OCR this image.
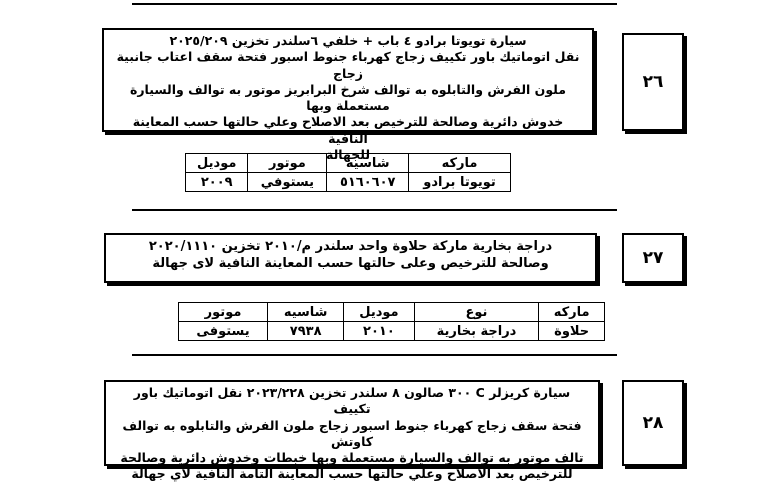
سيارة تويوتا برادو ٤ باب + خلفي ٦سلندر تخزين ٢٠٢٥/٢٠٩
نقل اتوماتيك باور تكييف زجاج كهرباء جنوط اسبور فتحة سقف اعتاب جانبية زجاج
ملون الفرش والتابلوه به توالف شرخ البرابريز موتور به توالف والسيارة مستعملة وبها
خدوش دائرية وصالحة للترخيص بعد الاصلاح وعلي حالتها حسب المعاينة النافية
للجهالة
٢٦
ماركه	شاسيه	موتور	موديل
تويوتا برادو	٥١٦٠٦٠٧	يستوفي	٢٠٠٩
دراجة بخارية ماركة حلاوة واحد سلندر م/٢٠١٠ تخزين ٢٠٢٠/١١١٠
وصالحة للترخيص وعلى حالتها حسب المعاينة النافية لاى جهالة	٢٧
ماركه	نوع	موديل	شاسيه	موتور
حلاوة	دراجة بخارية	٢٠١٠	٧٩٣٨	يستوفى
سيارة كريزلر C ٣٠٠ صالون ٨ سلندر تخزين ٢٠٢٣/٢٢٨ نقل اتوماتيك باور تكييف
فتحة سقف زجاج كهرباء جنوط اسبور زجاج ملون الفرش والتابلوه به توالف كاوتش
تالف موتور به توالف والسيارة مستعملة وبها خبطات وخدوش دائرية وصالحة
للترخيص بعد الاصلاح وعلي حالتها حسب المعاينة التامة النافية لاي جهالة
٢٨
